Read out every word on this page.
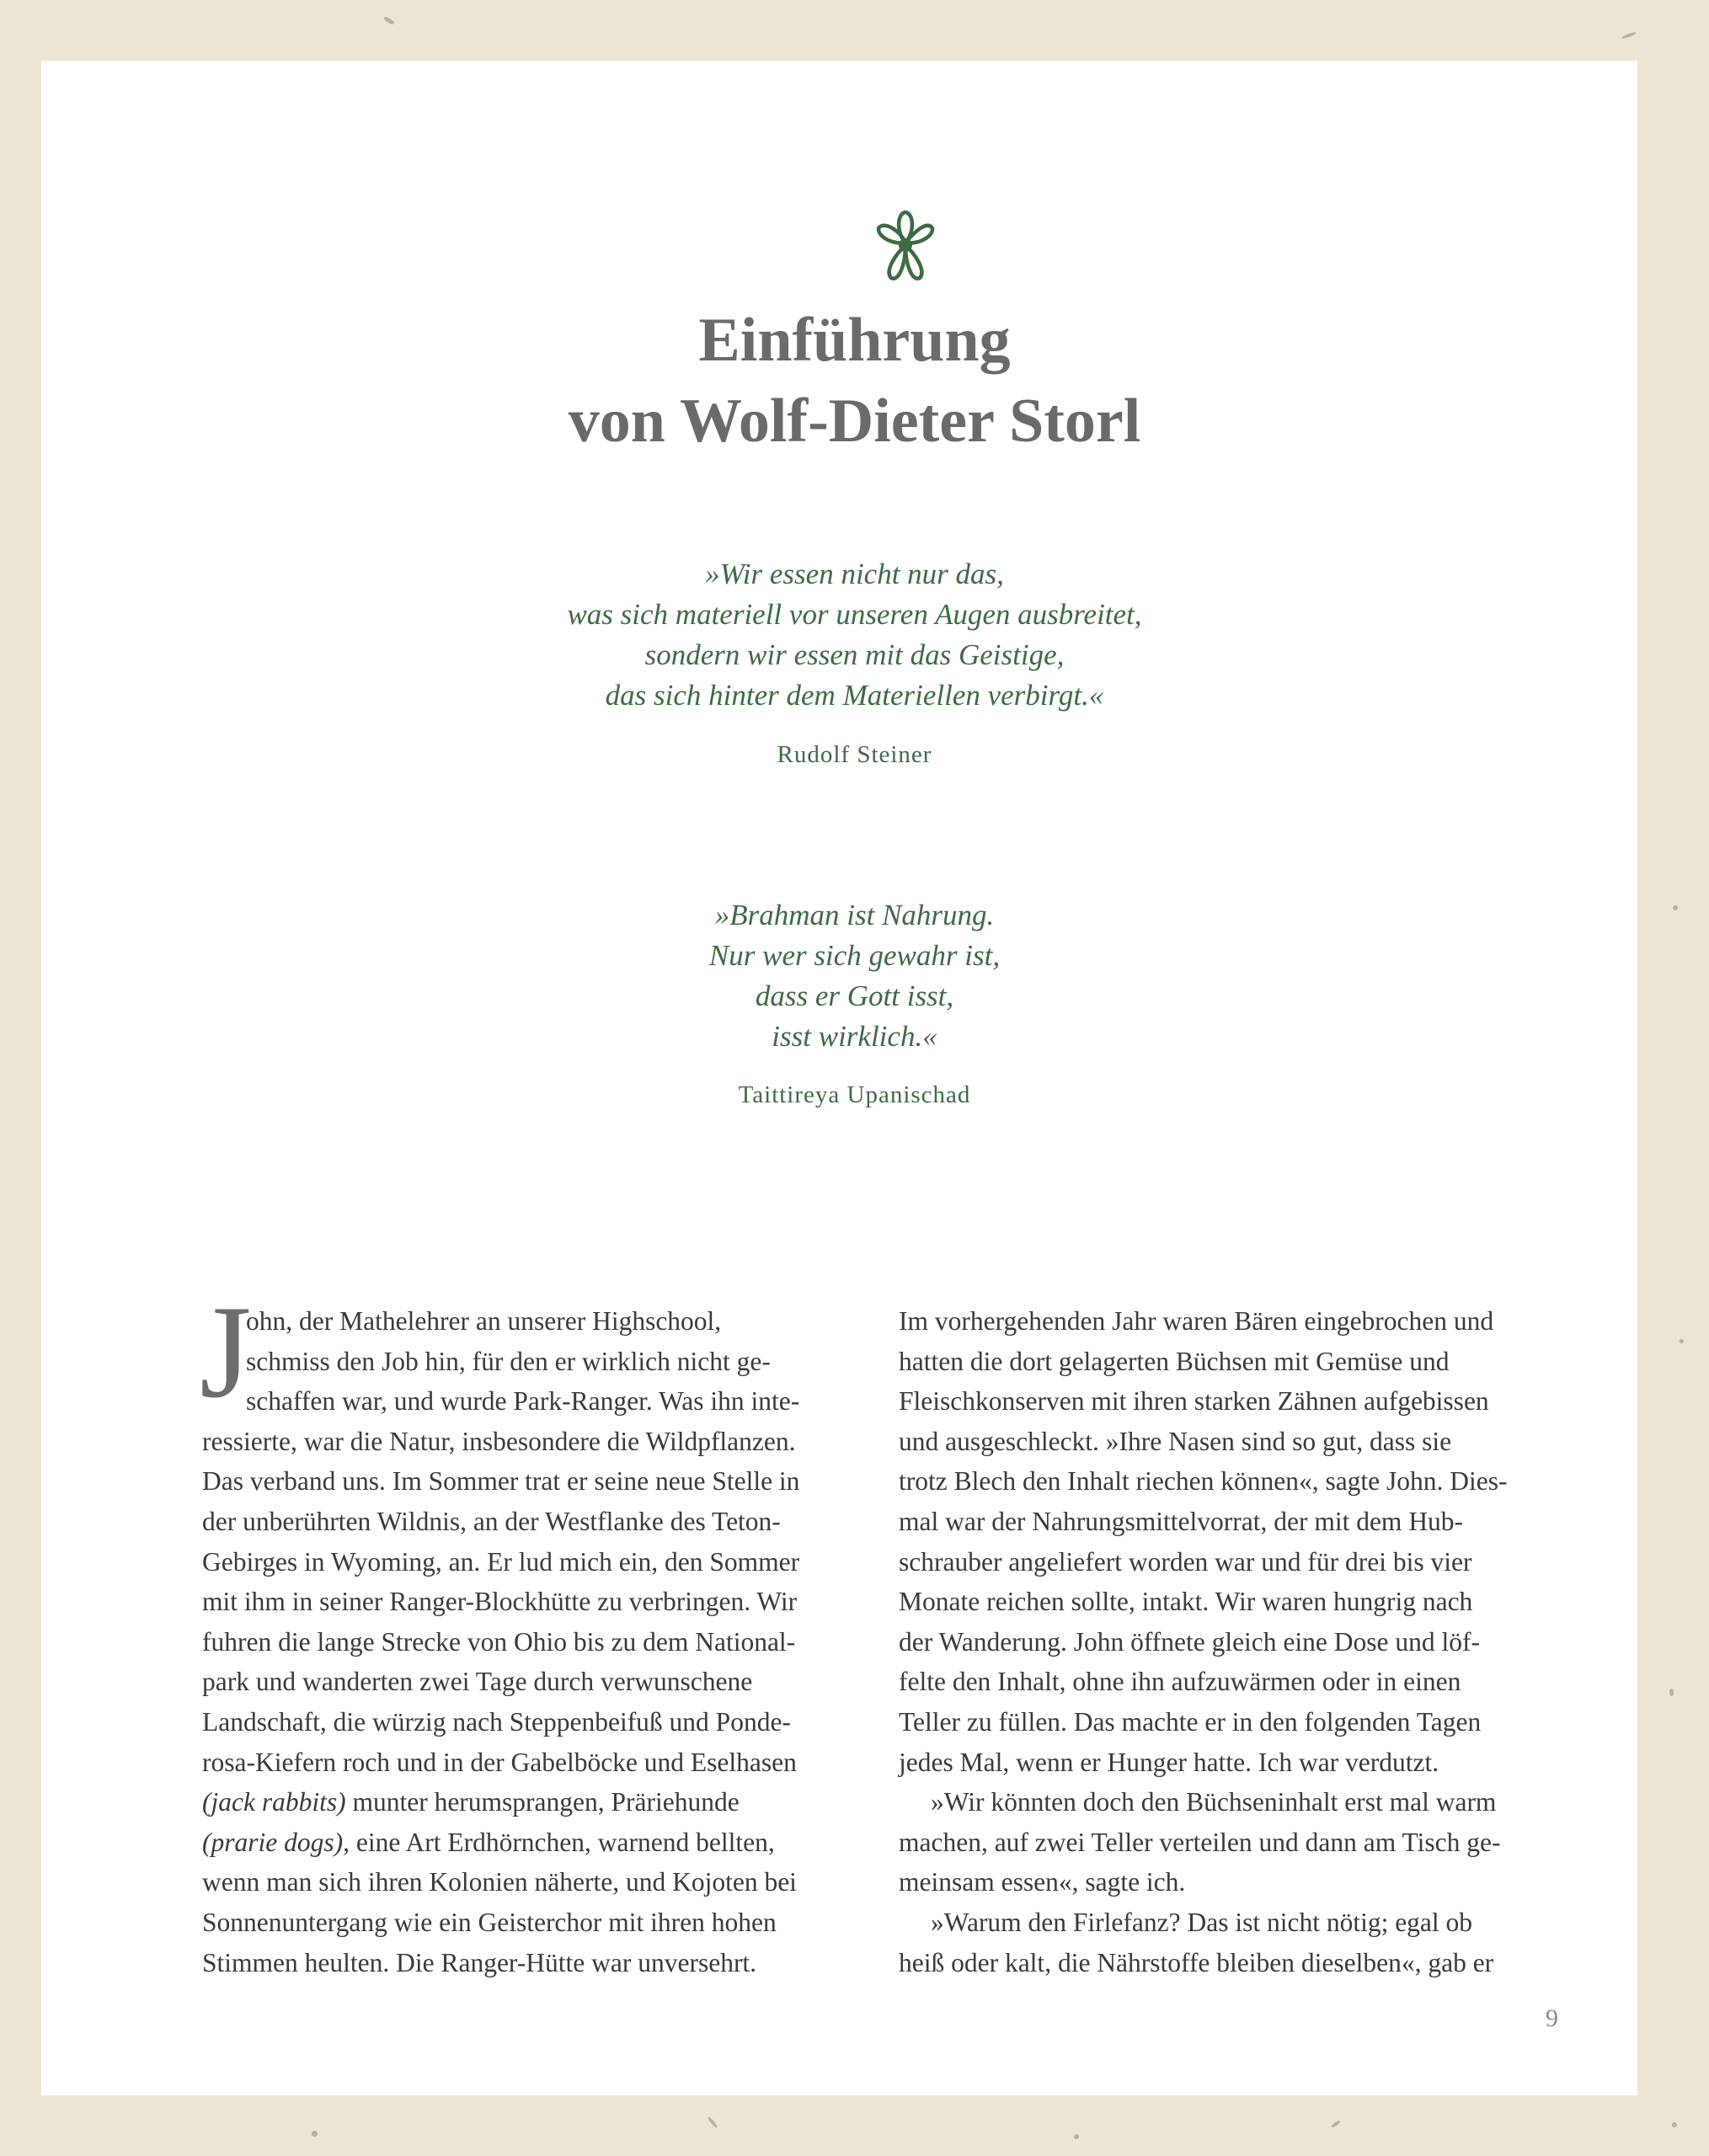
Einführung
von Wolf-Dieter Storl
»Wir essen nicht nur das,
was sich materiell vor unseren Augen ausbreitet,
sondern wir essen mit das Geistige,
das sich hinter dem Materiellen verbirgt.«
Rudolf Steiner
»Brahman ist Nahrung.
Nur wer sich gewahr ist,
dass er Gott isst,
isst wirklich.«
Taittireya Upanischad
J
ohn, der Mathelehrer an unserer Highschool,
schmiss den Job hin, für den er wirklich nicht ge-
schaffen war, und wurde Park-Ranger. Was ihn inte-
ressierte, war die Natur, insbesondere die Wildpflanzen.
Das verband uns. Im Sommer trat er seine neue Stelle in
der unberührten Wildnis, an der Westflanke des Teton-
Gebirges in Wyoming, an. Er lud mich ein, den Sommer
mit ihm in seiner Ranger-Blockhütte zu verbringen. Wir
fuhren die lange Strecke von Ohio bis zu dem National-
park und wanderten zwei Tage durch verwunschene
Landschaft, die würzig nach Steppenbeifuß und Ponde-
rosa-Kiefern roch und in der Gabelböcke und Eselhasen
(jack rabbits) munter herumsprangen, Präriehunde
(prarie dogs), eine Art Erdhörnchen, warnend bellten,
wenn man sich ihren Kolonien näherte, und Kojoten bei
Sonnenuntergang wie ein Geisterchor mit ihren hohen
Stimmen heulten. Die Ranger-Hütte war unversehrt.
Im vorhergehenden Jahr waren Bären eingebrochen und
hatten die dort gelagerten Büchsen mit Gemüse und
Fleischkonserven mit ihren starken Zähnen aufgebissen
und ausgeschleckt. »Ihre Nasen sind so gut, dass sie
trotz Blech den Inhalt riechen können«, sagte John. Dies-
mal war der Nahrungsmittelvorrat, der mit dem Hub-
schrauber angeliefert worden war und für drei bis vier
Monate reichen sollte, intakt. Wir waren hungrig nach
der Wanderung. John öffnete gleich eine Dose und löf-
felte den Inhalt, ohne ihn aufzuwärmen oder in einen
Teller zu füllen. Das machte er in den folgenden Tagen
jedes Mal, wenn er Hunger hatte. Ich war verdutzt.
»Wir könnten doch den Büchseninhalt erst mal warm
machen, auf zwei Teller verteilen und dann am Tisch ge-
meinsam essen«, sagte ich.
»Warum den Firlefanz? Das ist nicht nötig; egal ob
heiß oder kalt, die Nährstoffe bleiben dieselben«, gab er
9
